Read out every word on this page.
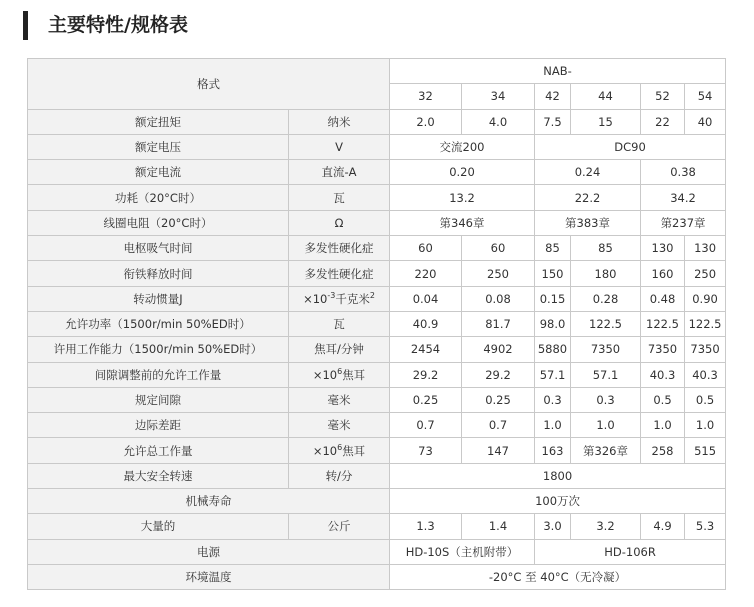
主要特性/规格表
格式		NAB-					
		32	34	42	44	52	54
额定扭矩	纳米	2.0	4.0	7.5	15	22	40
额定电压	V	交流200		DC90			
额定电流	直流-A	0.20		0.24		0.38	
功耗（20°C时）	瓦	13.2		22.2		34.2	
线圈电阻（20°C时）	Ω	第346章		第383章		第237章	
电枢吸气时间	多发性硬化症	60	60	85	85	130	130
衔铁释放时间	多发性硬化症	220	250	150	180	160	250
转动惯量J	$\times 10^{-3}$千克米$^2$	0.04	0.08	0.15	0.28	0.48	0.90
允许功率（1500r/min 50%ED时）	瓦	40.9	81.7	98.0	122.5	122.5	122.5
许用工作能力（1500r/min 50%ED时）	焦耳/分钟	2454	4902	5880	7350	7350	7350
间隙调整前的允许工作量	$\times 10^6$焦耳	29.2	29.2	57.1	57.1	40.3	40.3
规定间隙	毫米	0.25	0.25	0.3	0.3	0.5	0.5
边际差距	毫米	0.7	0.7	1.0	1.0	1.0	1.0
允许总工作量	$\times 10^6$焦耳	73	147	163	第326章	258	515
最大安全转速	转/分	1800					
机械寿命		100万次					
大量的	公斤	1.3	1.4	3.0	3.2	4.9	5.3
电源		HD-10S（主机附带）		HD-106R			
环境温度		-20°C 至 40°C（无冷凝）					
